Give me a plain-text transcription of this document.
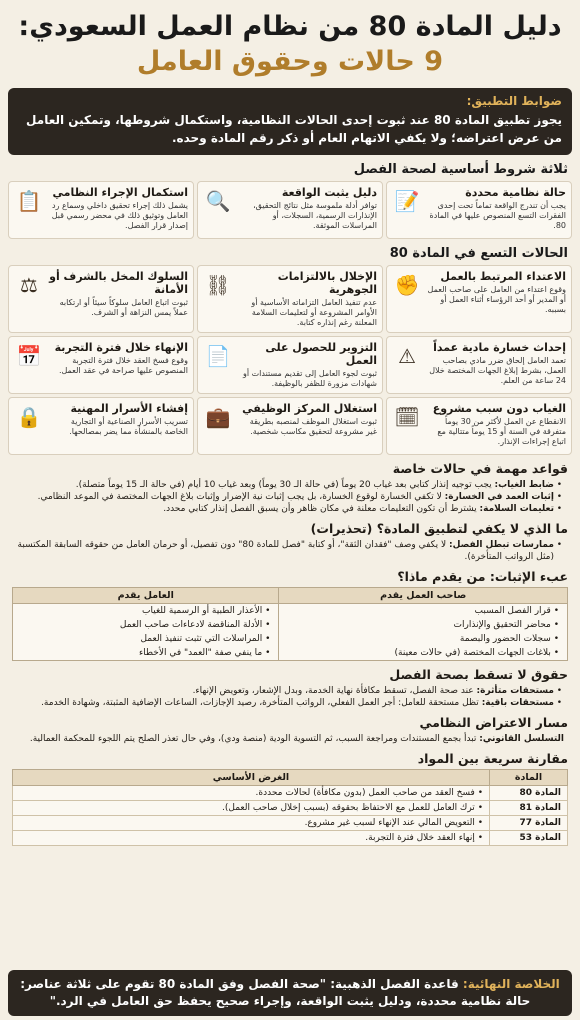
دليل المادة 80 من نظام العمل السعودي:
9 حالات وحقوق العامل
ضوابط التطبيق:
يجوز تطبيق المادة 80 عند ثبوت إحدى الحالات النظامية، واستكمال شروطها، وتمكين العامل من عرض اعتراضه؛ ولا يكفي الاتهام العام أو ذكر رقم المادة وحده.
ثلاثة شروط أساسية لصحة الفصل
حالة نظامية محددة
يجب أن تندرج الواقعة تماماً تحت إحدى الفقرات التسع المنصوص عليها في المادة 80.
📝
دليل يثبت الواقعة
توافر أدلة ملموسة مثل نتائج التحقيق، الإنذارات الرسمية، السجلات، أو المراسلات الموثقة.
🔍
استكمال الإجراء النظامي
يشمل ذلك إجراء تحقيق داخلي وسماع رد العامل وتوثيق ذلك في محضر رسمي قبل إصدار قرار الفصل.
📋
الحالات التسع في المادة 80
الاعتداء المرتبط بالعمل
وقوع اعتداء من العامل على صاحب العمل أو المدير أو أحد الرؤساء أثناء العمل أو بسببه.
✊
الإخلال بالالتزامات الجوهرية
عدم تنفيذ العامل التزاماته الأساسية أو الأوامر المشروعة أو لتعليمات السلامة المعلنة رغم إنذاره كتابة.
⛓
السلوك المخل بالشرف أو الأمانة
ثبوت اتباع العامل سلوكاً سيئاً أو ارتكابه عملاً يمس النزاهة أو الشرف.
⚖
إحداث خسارة مادية عمداً
تعمد العامل إلحاق ضرر مادي بصاحب العمل، بشرط إبلاغ الجهات المختصة خلال 24 ساعة من العلم.
⚠
التزوير للحصول على العمل
ثبوت لجوء العامل إلى تقديم مستندات أو شهادات مزورة للظفر بالوظيفة.
📄
الإنهاء خلال فترة التجربة
وقوع فسخ العقد خلال فترة التجربة المنصوص عليها صراحة في عقد العمل.
📅
الغياب دون سبب مشروع
الانقطاع عن العمل لأكثر من 30 يوماً متفرقة في السنة أو 15 يوماً متتالية مع اتباع إجراءات الإنذار.
🗓
استغلال المركز الوظيفي
ثبوت استغلال الموظف لمنصبه بطريقة غير مشروعة لتحقيق مكاسب شخصية.
💼
إفشاء الأسرار المهنية
تسريب الأسرار الصناعية أو التجارية الخاصة بالمنشأة مما يضر بمصالحها.
🔒
قواعد مهمة في حالات خاصة
• ضابط الغياب: يجب توجيه إنذار كتابي بعد غياب 20 يوماً (في حالة الـ 30 يوماً) وبعد غياب 10 أيام (في حالة الـ 15 يوماً متصلة).
• إثبات العمد في الخسارة: لا تكفي الخسارة لوقوع الخسارة، بل يجب إثبات نية الإضرار وإثبات بلاغ الجهات المختصة في الموعد النظامي.
• تعليمات السلامة: يشترط أن تكون التعليمات معلنة في مكان ظاهر وأن يسبق الفصل إنذار كتابي محدد.
ما الذي لا يكفي لتطبيق المادة؟ (تحذيرات)
• ممارسات تبطل الفصل: لا يكفي وصف "فقدان الثقة"، أو كتابة "فصل للمادة 80" دون تفصيل، أو حرمان العامل من حقوقه السابقة المكتسبة (مثل الرواتب المتأخرة).
عبء الإثبات: من يقدم ماذا؟
صاحب العمل يقدم	العامل يقدم
• قرار الفصل المسبب	• الأعذار الطبية أو الرسمية للغياب
• محاضر التحقيق والإنذارات	• الأدلة المناقضة لادعاءات صاحب العمل
• سجلات الحضور والبصمة	• المراسلات التي تثبت تنفيذ العمل
• بلاغات الجهات المختصة (في حالات معينة)	• ما ينفي صفة "العمد" في الأخطاء
حقوق لا تسقط بصحة الفصل
• مستحقات متأثرة: عند صحة الفصل، تسقط مكافأة نهاية الخدمة، وبدل الإشعار، وتعويض الإنهاء.
• مستحقات باقية: تظل مستحقة للعامل: أجر العمل الفعلي، الرواتب المتأخرة، رصيد الإجازات، الساعات الإضافية المثبتة، وشهادة الخدمة.
مسار الاعتراض النظامي
التسلسل القانوني: تبدأ بجمع المستندات ومراجعة السبب، ثم التسوية الودية (منصة ودي)، وفي حال تعذر الصلح يتم اللجوء للمحكمة العمالية.
مقارنة سريعة بين المواد
المادة	الغرض الأساسي
المادة 80	• فسخ العقد من صاحب العمل (بدون مكافأة) لحالات محددة.
المادة 81	• ترك العامل للعمل مع الاحتفاظ بحقوقه (بسبب إخلال صاحب العمل).
المادة 77	• التعويض المالي عند الإنهاء لسبب غير مشروع.
المادة 53	• إنهاء العقد خلال فترة التجربة.
الخلاصة النهائية: قاعدة الفصل الذهبية: "صحة الفصل وفق المادة 80 تقوم على ثلاثة عناصر: حالة نظامية محددة، ودليل يثبت الواقعة، وإجراء صحيح يحفظ حق العامل في الرد."
